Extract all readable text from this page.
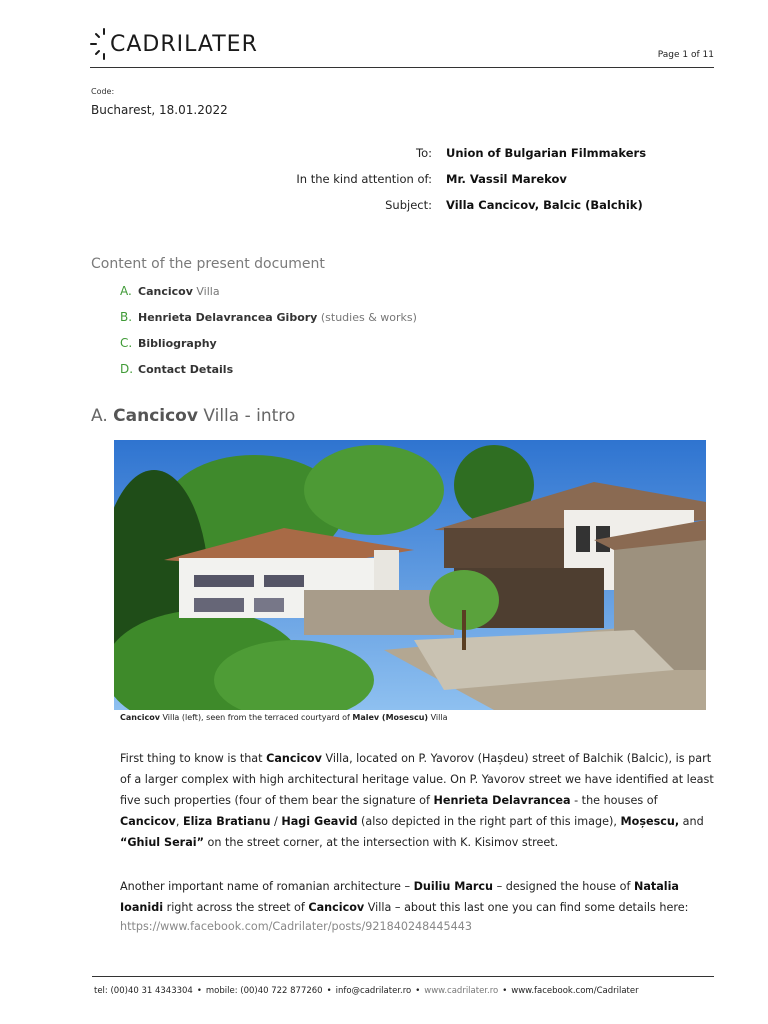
CADRILATER	Page 1 of 11
Code:
Bucharest, 18.01.2022
To: Union of Bulgarian Filmmakers
In the kind attention of: Mr. Vassil Marekov
Subject: Villa Cancicov, Balcic (Balchik)
Content of the present document
A. Cancicov Villa
B. Henrieta Delavrancea Gibory (studies & works)
C. Bibliography
D. Contact Details
A. Cancicov Villa - intro
Cancicov Villa (left), seen from the terraced courtyard of Malev (Mosescu) Villa
First thing to know is that Cancicov Villa, located on P. Yavorov (Hașdeu) street of Balchik (Balcic), is part of a larger complex with high architectural heritage value. On P. Yavorov street we have identified at least five such properties (four of them bear the signature of Henrieta Delavrancea - the houses of Cancicov, Eliza Bratianu / Hagi Geavid (also depicted in the right part of this image), Moșescu, and “Ghiul Serai” on the street corner, at the intersection with K. Kisimov street.
Another important name of romanian architecture – Duiliu Marcu – designed the house of Natalia Ioanidi right across the street of Cancicov Villa – about this last one you can find some details here:
https://www.facebook.com/Cadrilater/posts/921840248445443
tel: (00)40 31 4343304 • mobile: (00)40 722 877260 • info@cadrilater.ro • www.cadrilater.ro • www.facebook.com/Cadrilater
